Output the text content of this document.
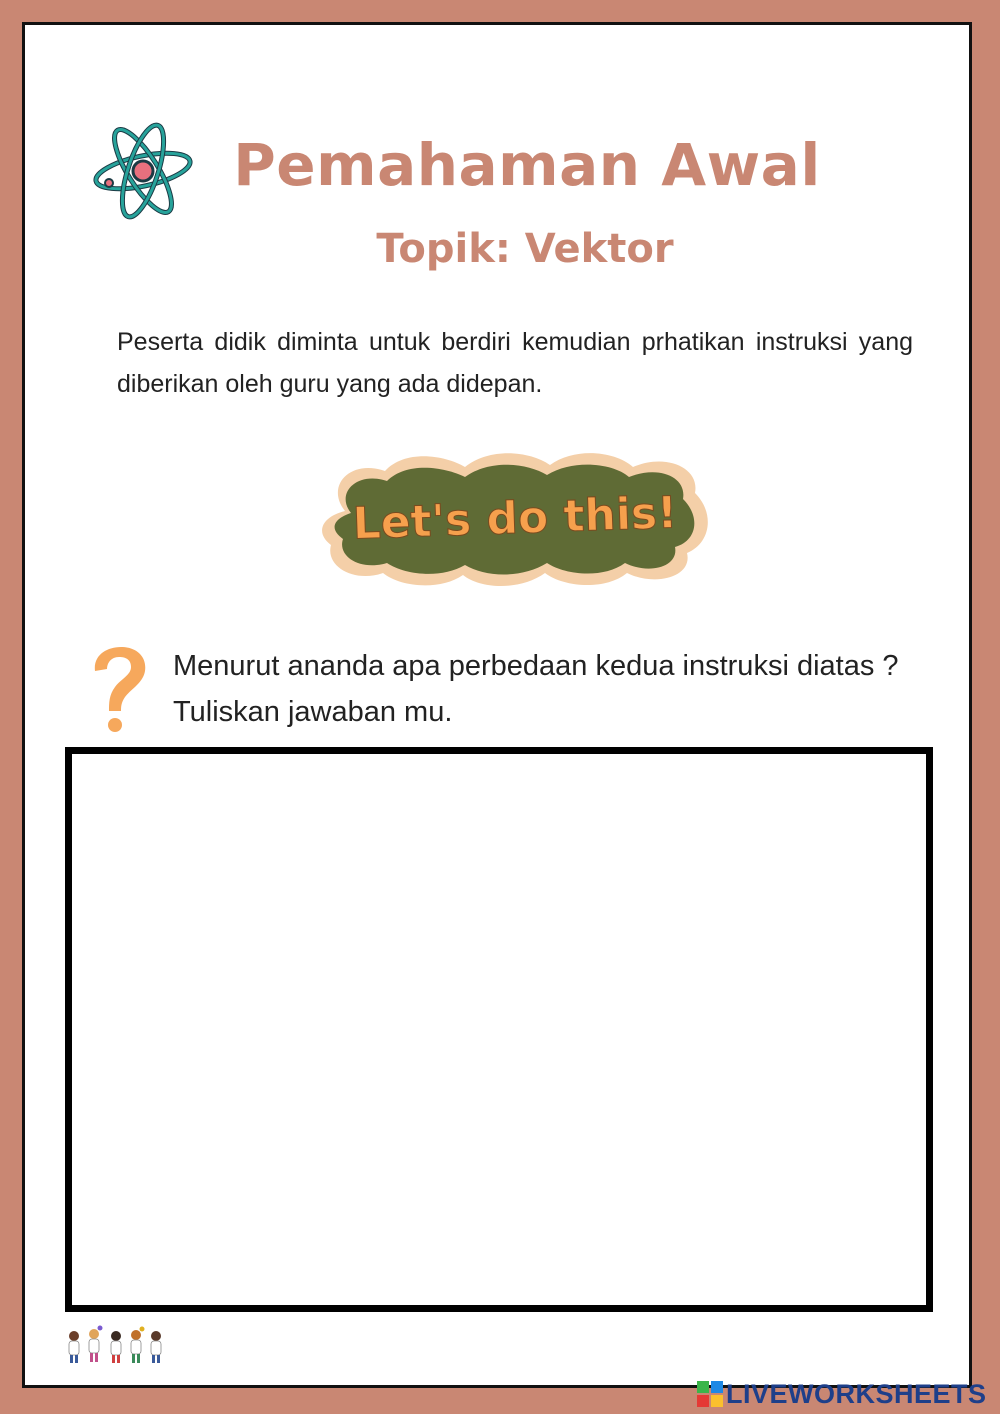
Pemahaman Awal
Topik: Vektor

Peserta didik diminta untuk berdiri kemudian prhatikan instruksi yang diberikan oleh guru yang ada didepan.

Let's do this!

Menurut ananda apa perbedaan kedua instruksi diatas ? Tuliskan jawaban mu.

LIVEWORKSHEETS
